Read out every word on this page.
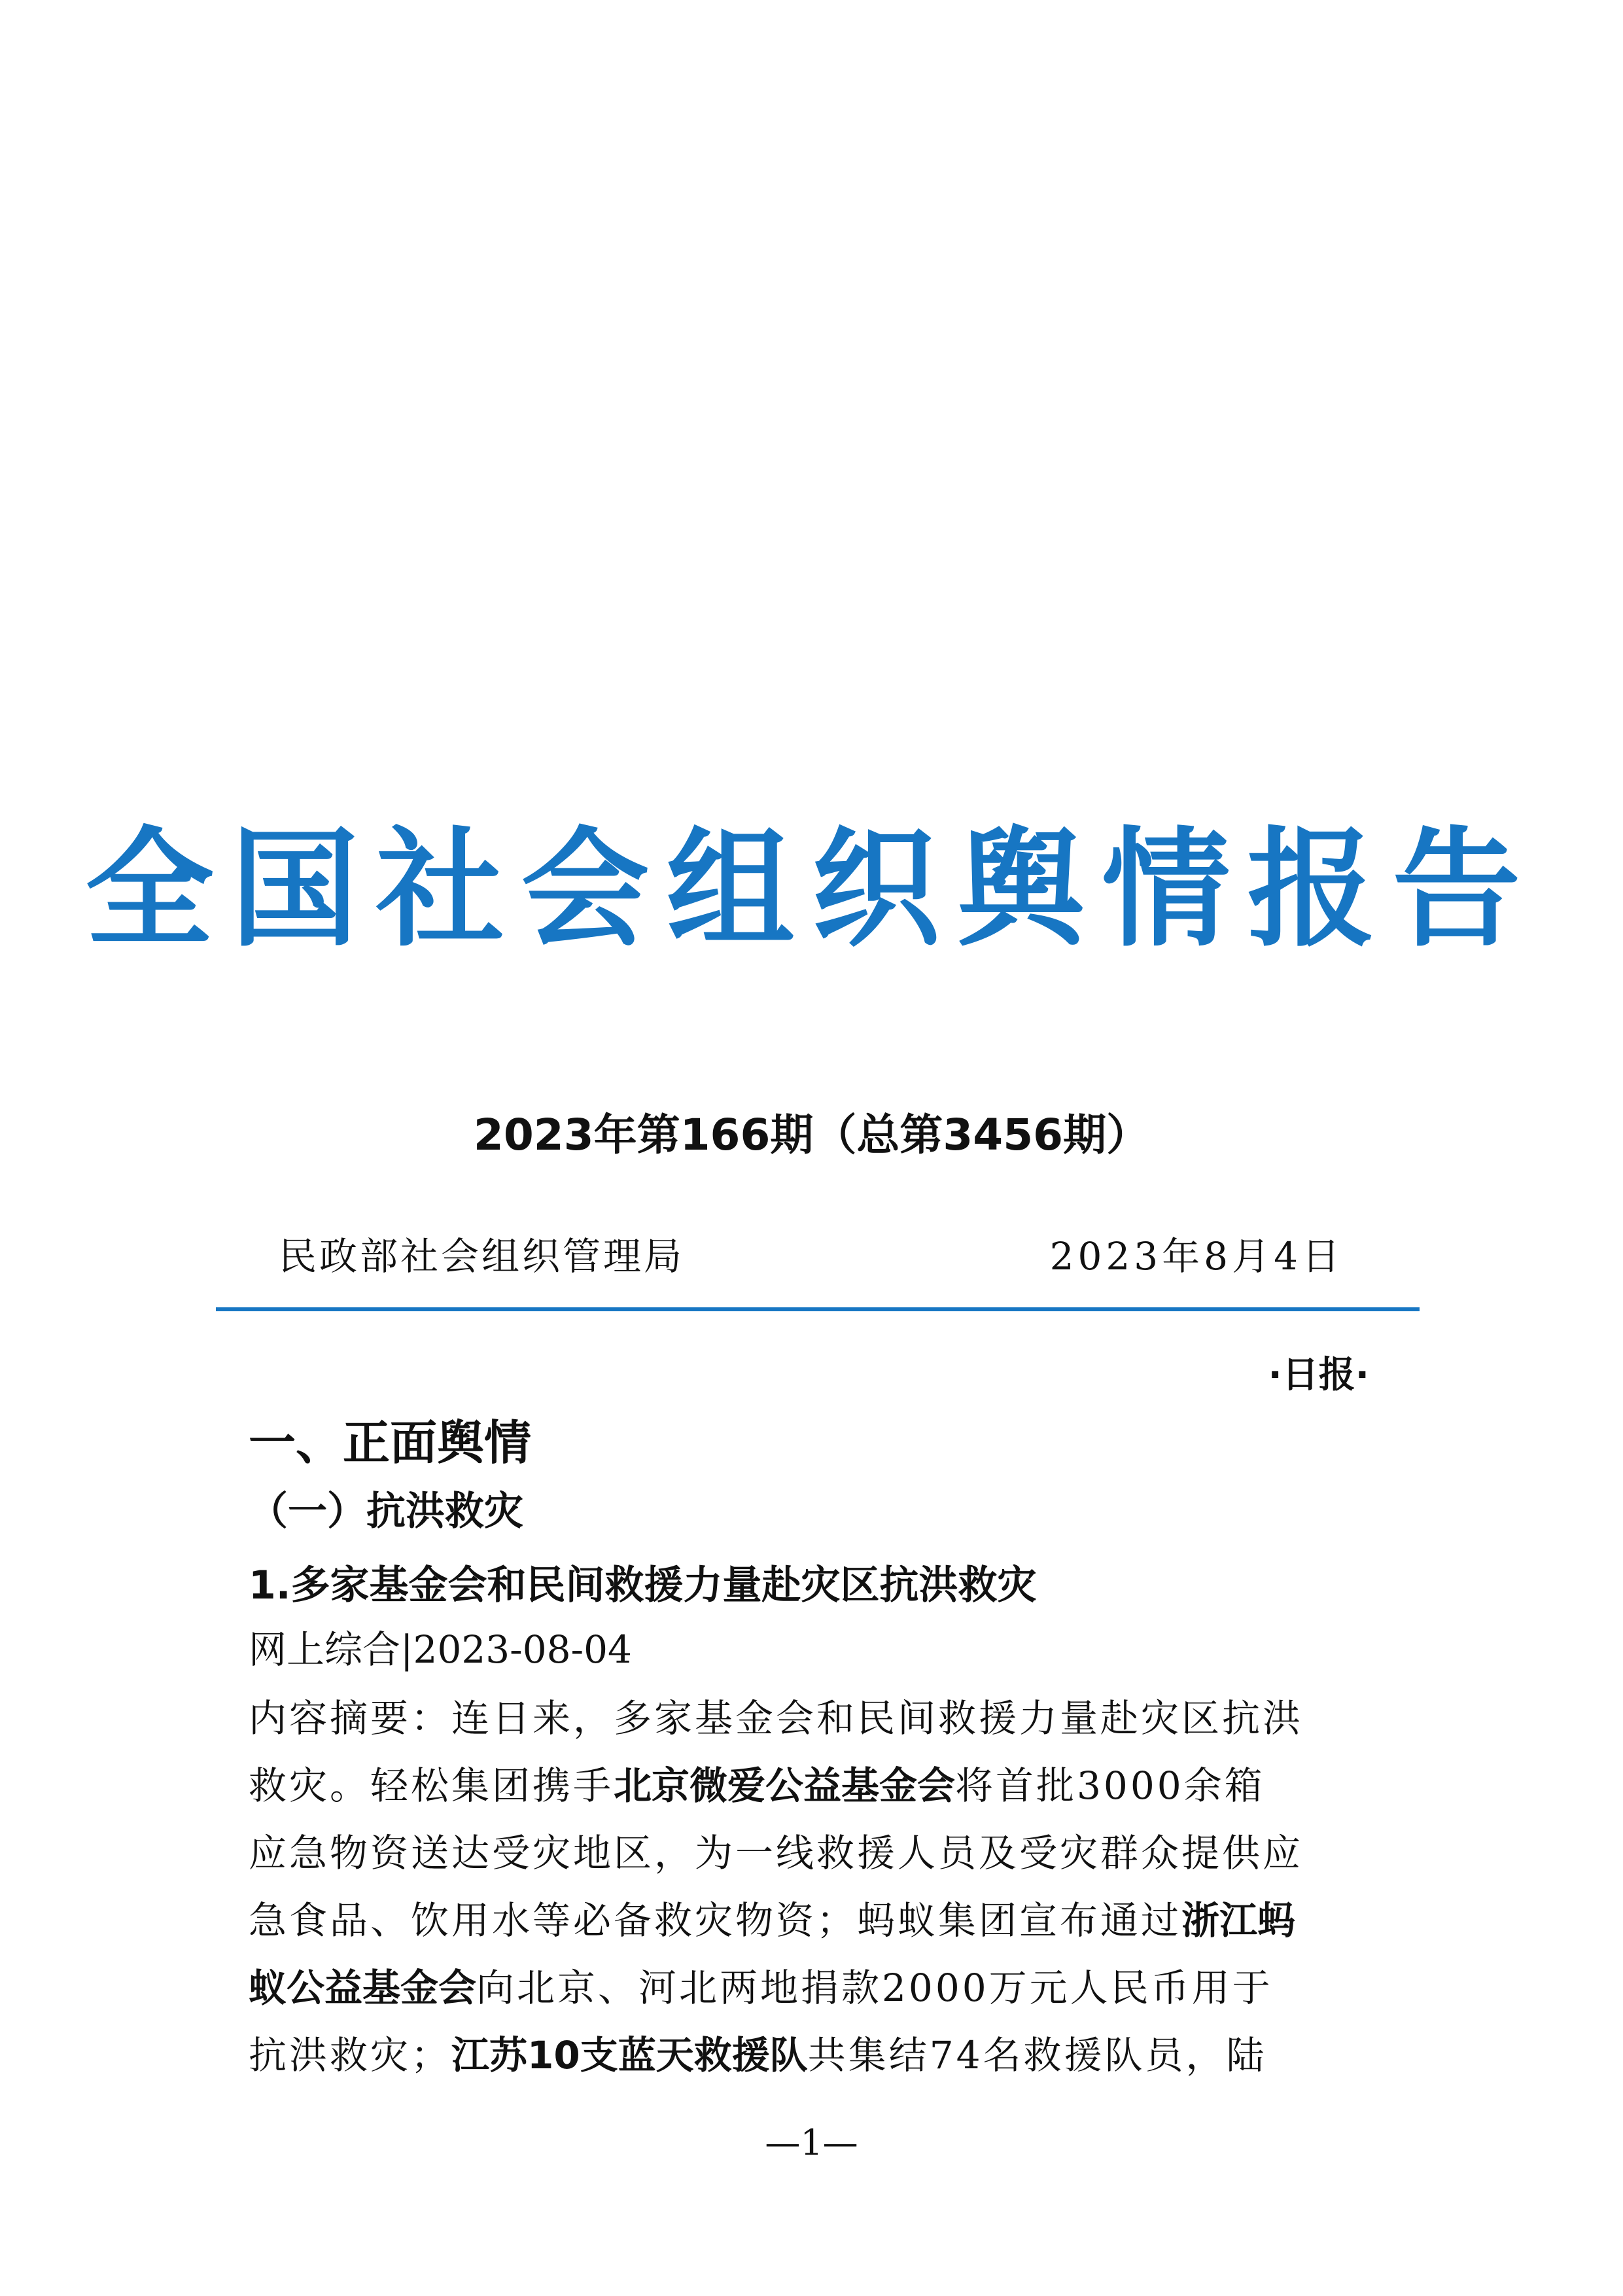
全国社会组织舆情报告
2023年第166期（总第3456期）
民政部社会组织管理局	2023年8月4日
·日报·
一、正面舆情
（一）抗洪救灾
1.多家基金会和民间救援力量赴灾区抗洪救灾
网上综合|2023-08-04
内容摘要：连日来，多家基金会和民间救援力量赴灾区抗洪
救灾。轻松集团携手北京微爱公益基金会将首批3000余箱
应急物资送达受灾地区，为一线救援人员及受灾群众提供应
急食品、饮用水等必备救灾物资；蚂蚁集团宣布通过浙江蚂
蚁公益基金会向北京、河北两地捐款2000万元人民币用于
抗洪救灾；江苏10支蓝天救援队共集结74名救援队员，陆
—1—
